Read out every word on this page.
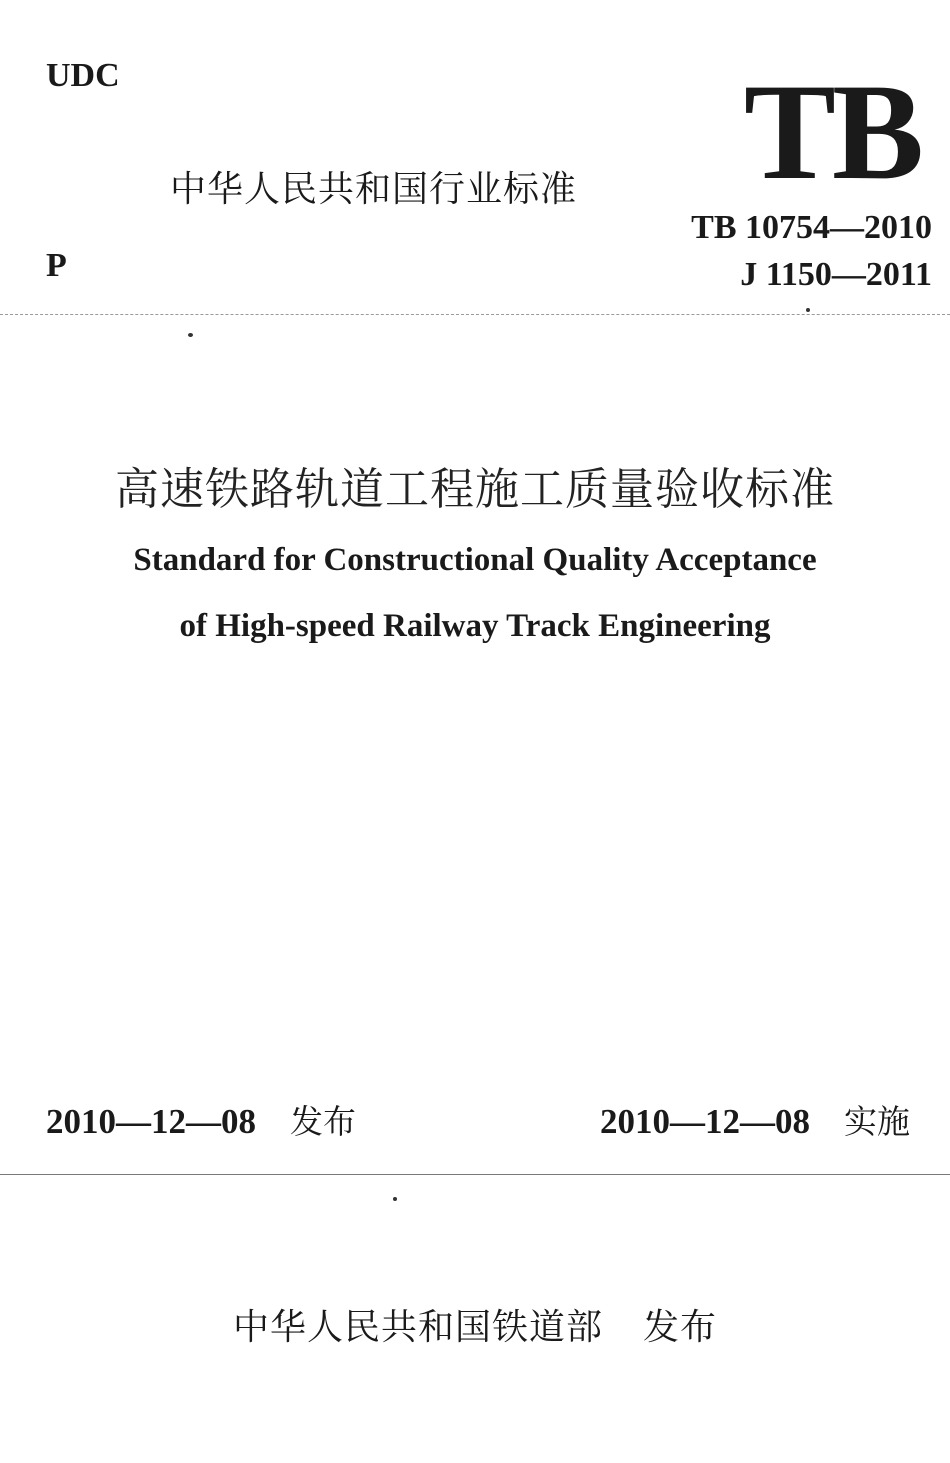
UDC
中华人民共和国行业标准 TB
TB 10754—2010
P	J 1150—2011
高速铁路轨道工程施工质量验收标准
Standard for Constructional Quality Acceptance
of High-speed Railway Track Engineering
2010—12—08 发布	2010—12—08 实施
中华人民共和国铁道部 发布
